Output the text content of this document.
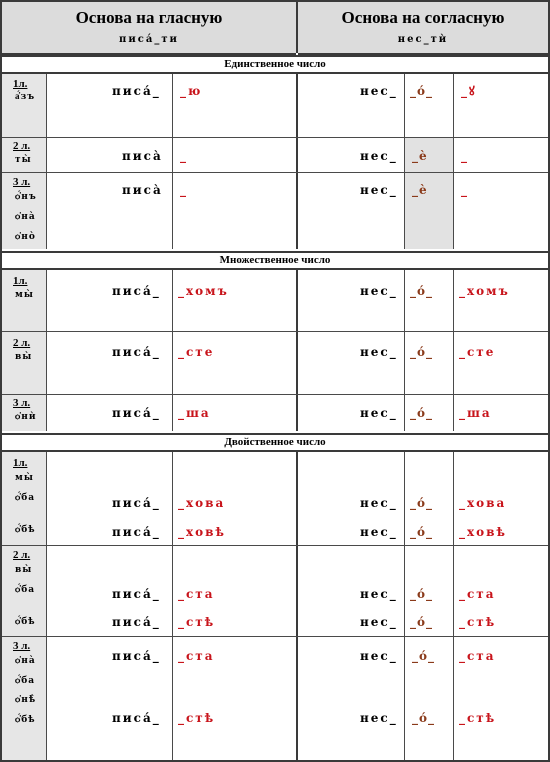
Основа на гласную
писа́_ти
Основа на согласную
нес_тѝ
Единственное число
1л.
а҆́зъ	писа́_ _ю	нес_ _о́_ _ꙋ
2 л.
ты̀	писа̀ _	нес_ _ѐ	_
3 л.
ѻ҆́нъ
ѻ҆нà
ѻ҆нò
писа̀ _	нес_ _ѐ	_
Множественное число
1л.
мы̀	писа́_ _хомъ	нес_ _о́_ _хомъ
2 л.
вы̀	писа́_ _сте	нес_ _о́_ _сте
3 л.
ѻ҆нѝ	писа́_ _ша	нес_ _о́_ _ша
Двойственное число
1л.
мы̀
ѻ҆́ба
ѻ҆́бѣ
писа́_ _хова	нес_ _о́_ _хова
писа́_ _ховѣ	нес_ _о́_ _ховѣ
2 л.
вы̀
ѻ҆́ба
ѻ҆́бѣ
писа́_ _ста	нес_ _о́_ _ста
писа́_ _стѣ	нес_ _о́_ _стѣ
3 л.
ѻ҆на̀
ѻ҆́ба
ѻ҆нѣ̀
ѻ҆́бѣ
писа́_ _ста	нес_ _о́_ _ста
писа́_ _стѣ	нес_ _о́_ _стѣ
